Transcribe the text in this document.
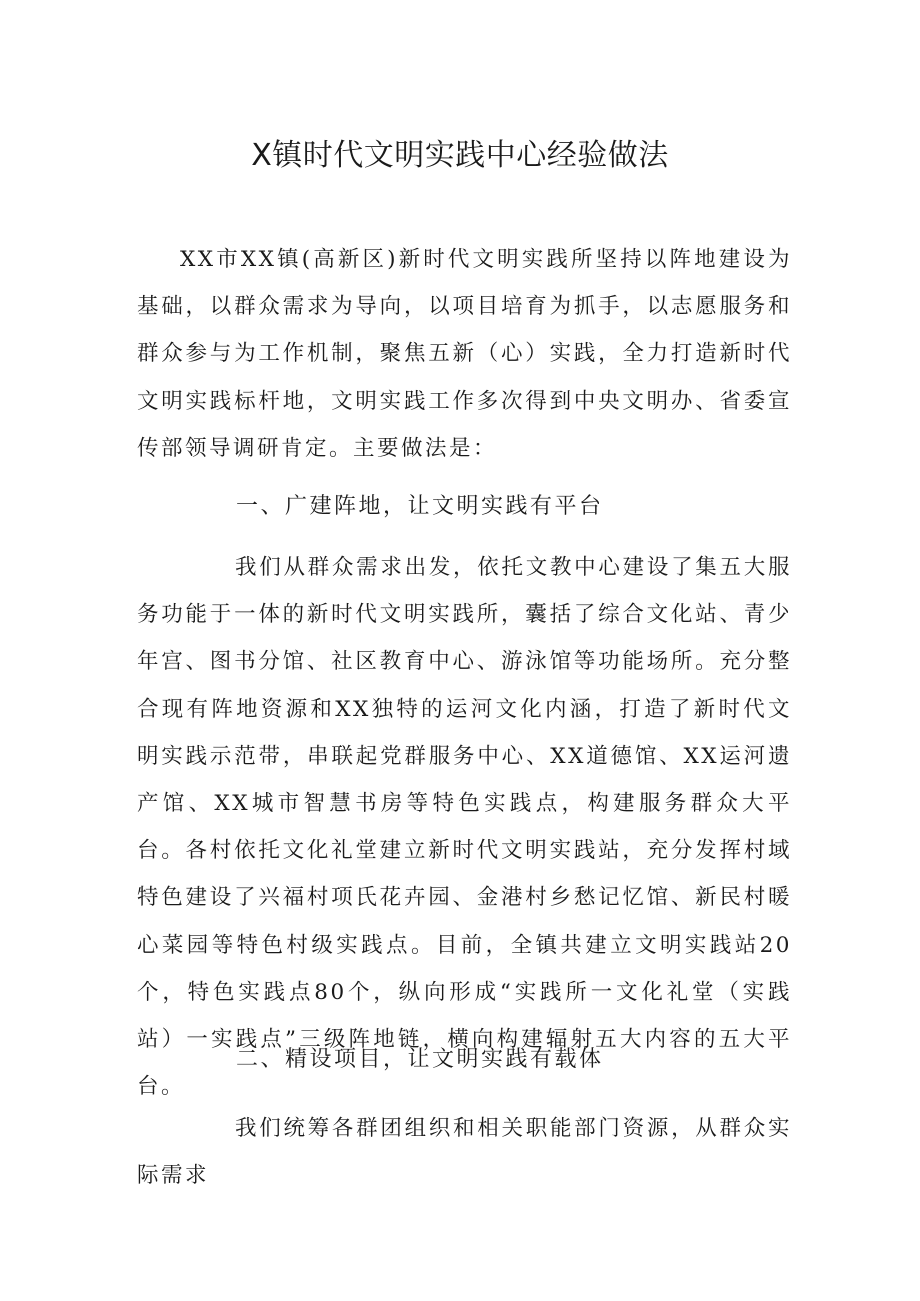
X镇时代文明实践中心经验做法

XX市XX镇(高新区)新时代文明实践所坚持以阵地建设为基础，以群众需求为导向，以项目培育为抓手，以志愿服务和群众参与为工作机制，聚焦五新（心）实践，全力打造新时代文明实践标杆地，文明实践工作多次得到中央文明办、省委宣传部领导调研肯定。主要做法是：

一、广建阵地，让文明实践有平台

我们从群众需求出发，依托文教中心建设了集五大服务功能于一体的新时代文明实践所，囊括了综合文化站、青少年宫、图书分馆、社区教育中心、游泳馆等功能场所。充分整合现有阵地资源和XX独特的运河文化内涵，打造了新时代文明实践示范带，串联起党群服务中心、XX道德馆、XX运河遗产馆、XX城市智慧书房等特色实践点，构建服务群众大平台。各村依托文化礼堂建立新时代文明实践站，充分发挥村域特色建设了兴福村项氏花卉园、金港村乡愁记忆馆、新民村暖心菜园等特色村级实践点。目前，全镇共建立文明实践站20个，特色实践点80个，纵向形成“实践所一文化礼堂（实践站）一实践点”三级阵地链，横向构建辐射五大内容的五大平台。

二、精设项目，让文明实践有载体

我们统筹各群团组织和相关职能部门资源，从群众实际需求
